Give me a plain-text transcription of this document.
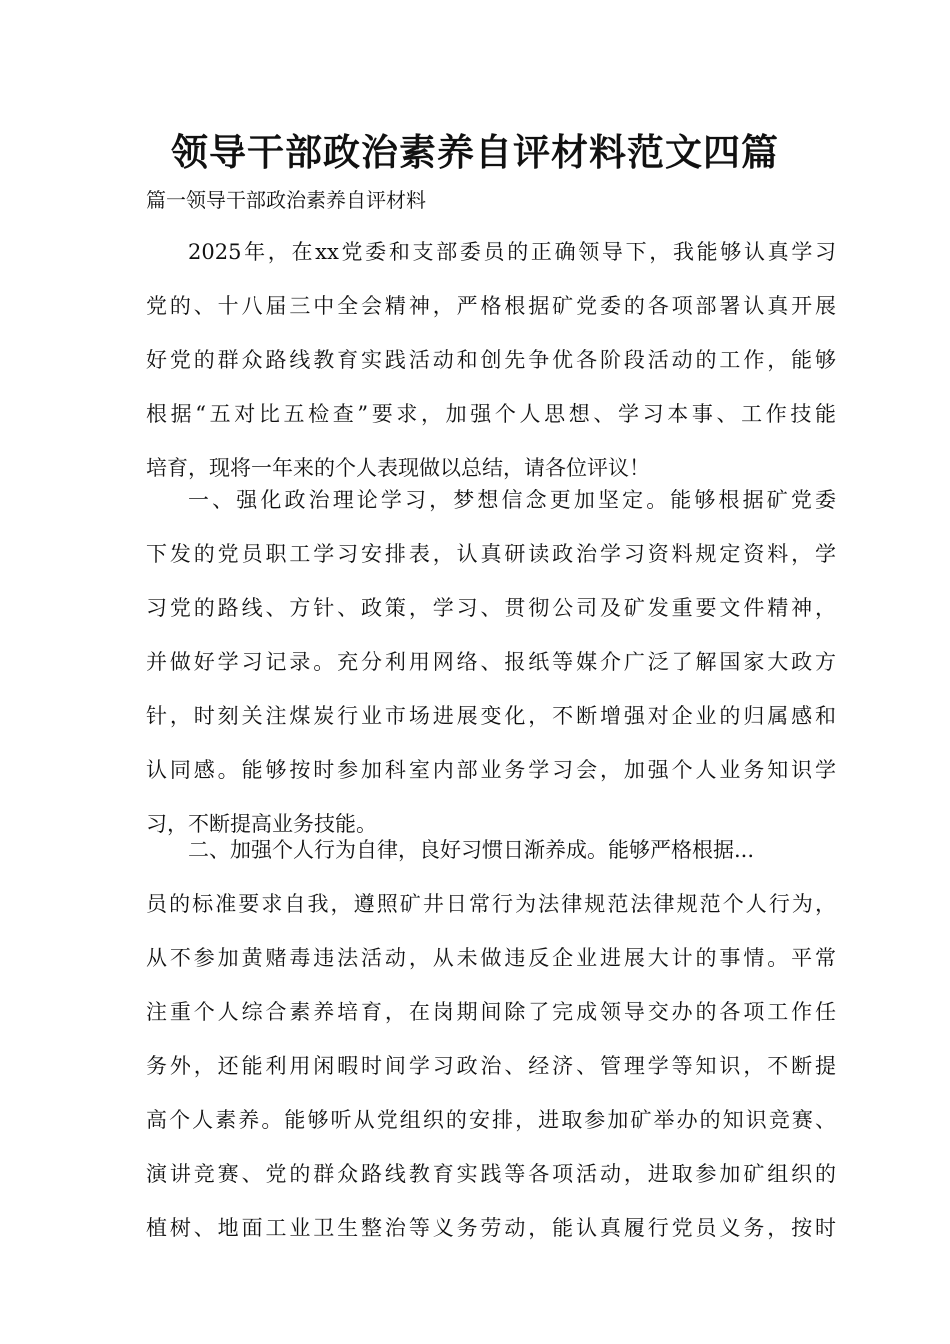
领导干部政治素养自评材料范文四篇
篇一领导干部政治素养自评材料
2025年，在xx党委和支部委员的正确领导下，我能够认真学习
党的、十八届三中全会精神，严格根据矿党委的各项部署认真开展
好党的群众路线教育实践活动和创先争优各阶段活动的工作，能够
根据“五对比五检查”要求，加强个人思想、学习本事、工作技能
培育，现将一年来的个人表现做以总结，请各位评议！
一、强化政治理论学习，梦想信念更加坚定。能够根据矿党委
下发的党员职工学习安排表，认真研读政治学习资料规定资料，学
习党的路线、方针、政策，学习、贯彻公司及矿发重要文件精神，
并做好学习记录。充分利用网络、报纸等媒介广泛了解国家大政方
针，时刻关注煤炭行业市场进展变化，不断增强对企业的归属感和
认同感。能够按时参加科室内部业务学习会，加强个人业务知识学
习，不断提高业务技能。
二、加强个人行为自律，良好习惯日渐养成。能够严格根据...
员的标准要求自我，遵照矿井日常行为法律规范法律规范个人行为，
从不参加黄赌毒违法活动，从未做违反企业进展大计的事情。平常
注重个人综合素养培育，在岗期间除了完成领导交办的各项工作任
务外，还能利用闲暇时间学习政治、经济、管理学等知识，不断提
高个人素养。能够听从党组织的安排，进取参加矿举办的知识竞赛、
演讲竞赛、党的群众路线教育实践等各项活动，进取参加矿组织的
植树、地面工业卫生整治等义务劳动，能认真履行党员义务，按时
